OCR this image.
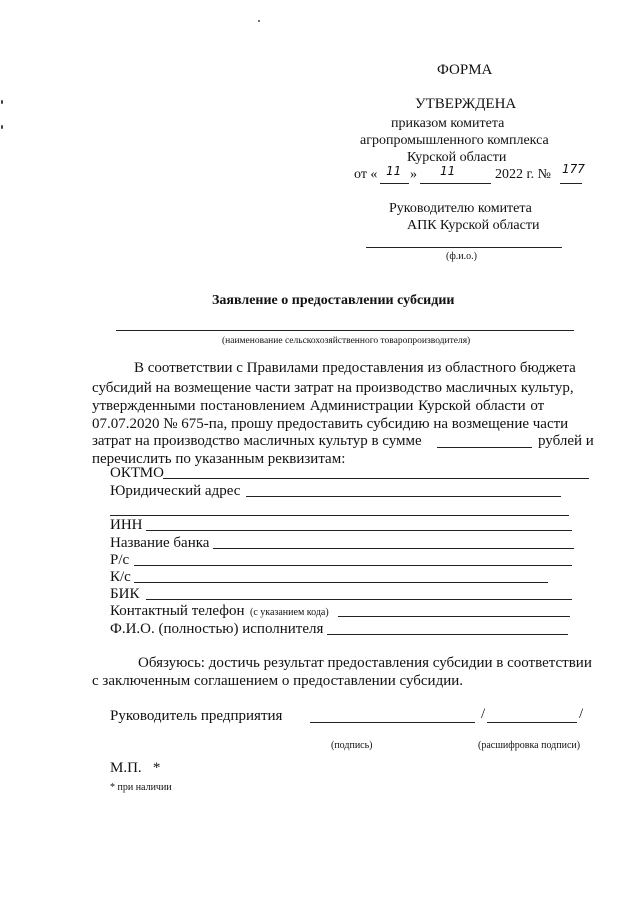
ФОРМА
УТВЕРЖДЕНА
приказом комитета
агропромышленного комплекса
Курской области
от « 11 » 11	2022 г. № 177
Руководителю комитета
АПК Курской области
(ф.и.о.)
Заявление о предоставлении субсидии
(наименование сельскохозяйственного товаропроизводителя)
В соответствии с Правилами предоставления из областного бюджета
субсидий на возмещение части затрат на производство масличных культур,
утвержденными постановлением Администрации Курской области от
07.07.2020 № 675-па, прошу предоставить субсидию на возмещение части
затрат на производство масличных культур в сумме	рублей и
перечислить по указанным реквизитам:
ОКТМО
Юридический адрес
ИНН
Название банка
Р/с
К/с
БИК
Контактный телефон (с указанием кода)
Ф.И.О. (полностью) исполнителя
Обязуюсь: достичь результат предоставления субсидии в соответствии
с заключенным соглашением о предоставлении субсидии.
Руководитель предприятия	/	/
(подпись)	(расшифровка подписи)
М.П.   *
* при наличии
